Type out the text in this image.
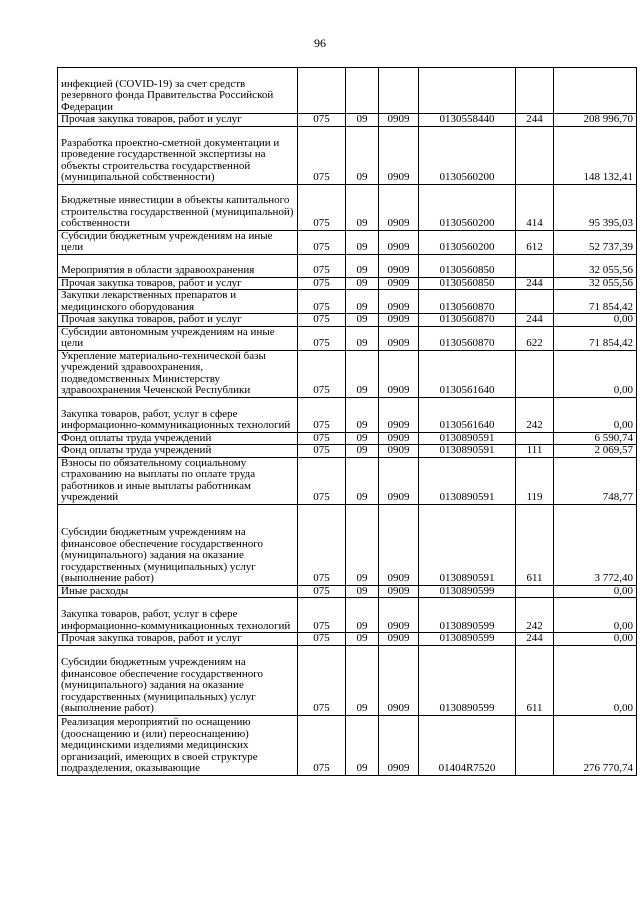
96
инфекцией (COVID-19) за счет средств резервного фонда Правительства Российской Федерации						
Прочая закупка товаров, работ и услуг	075	09	0909	0130558440	244	208 996,70
Разработка проектно-сметной документации и проведение государственной экспертизы на объекты строительства государственной (муниципальной собственности)	075	09	0909	0130560200		148 132,41
Бюджетные инвестиции в объекты капитального строительства государственной (муниципальной) собственности	075	09	0909	0130560200	414	95 395,03
Субсидии бюджетным учреждениям на иные цели	075	09	0909	0130560200	612	52 737,39
Мероприятия в области здравоохранения	075	09	0909	0130560850		32 055,56
Прочая закупка товаров, работ и услуг	075	09	0909	0130560850	244	32 055,56
Закупки лекарственных препаратов и медицинского оборудования	075	09	0909	0130560870		71 854,42
Прочая закупка товаров, работ и услуг	075	09	0909	0130560870	244	0,00
Субсидии автономным учреждениям на иные цели	075	09	0909	0130560870	622	71 854,42
Укрепление материально-технической базы учреждений здравоохранения, подведомственных Министерству здравоохранения Чеченской Республики	075	09	0909	0130561640		0,00
Закупка товаров, работ, услуг в сфере информационно-коммуникационных технологий	075	09	0909	0130561640	242	0,00
Фонд оплаты труда учреждений	075	09	0909	0130890591		6 590,74
Фонд оплаты труда учреждений	075	09	0909	0130890591	111	2 069,57
Взносы по обязательному социальному страхованию на выплаты по оплате труда работников и иные выплаты работникам учреждений	075	09	0909	0130890591	119	748,77
Субсидии бюджетным учреждениям на финансовое обеспечение государственного (муниципального) задания на оказание государственных (муниципальных) услуг (выполнение работ)	075	09	0909	0130890591	611	3 772,40
Иные расходы	075	09	0909	0130890599		0,00
Закупка товаров, работ, услуг в сфере информационно-коммуникационных технологий	075	09	0909	0130890599	242	0,00
Прочая закупка товаров, работ и услуг	075	09	0909	0130890599	244	0,00
Субсидии бюджетным учреждениям на финансовое обеспечение государственного (муниципального) задания на оказание государственных (муниципальных) услуг (выполнение работ)	075	09	0909	0130890599	611	0,00
Реализация мероприятий по оснащению (дооснащению и (или) переоснащению) медицинскими изделиями медицинских организаций, имеющих в своей структуре подразделения, оказывающие	075	09	0909	01404R7520		276 770,74
